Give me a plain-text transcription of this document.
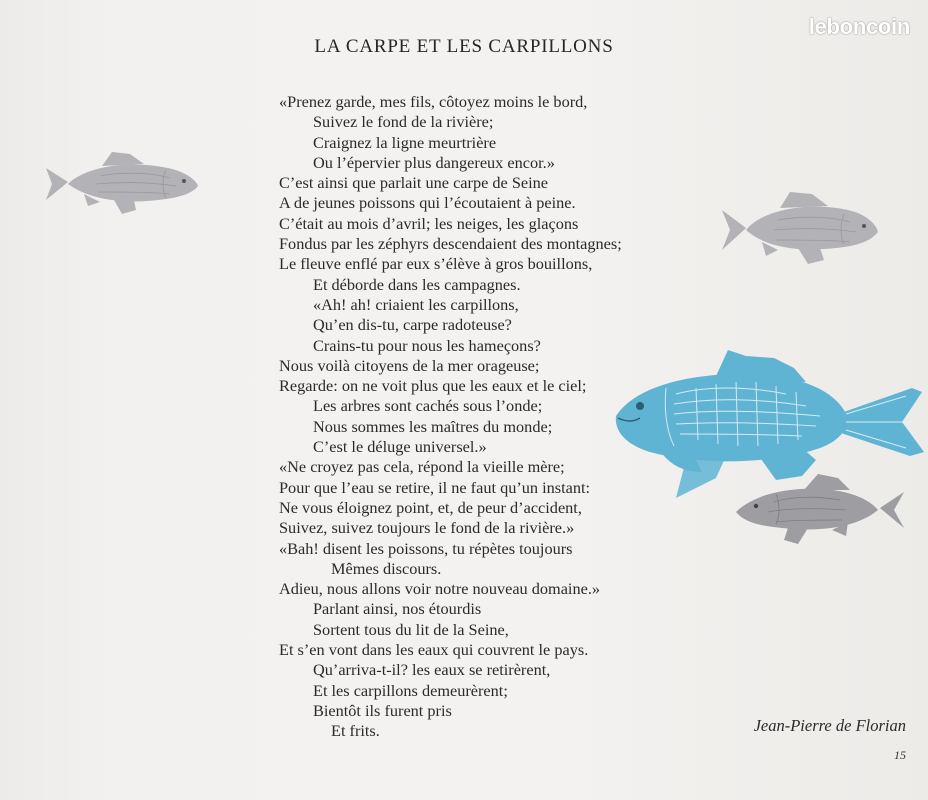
leboncoin
LA CARPE ET LES CARPILLONS
«Prenez garde, mes fils, côtoyez moins le bord,
Suivez le fond de la rivière;
Craignez la ligne meurtrière
Ou l’épervier plus dangereux encor.»
C’est ainsi que parlait une carpe de Seine
A de jeunes poissons qui l’écoutaient à peine.
C’était au mois d’avril; les neiges, les glaçons
Fondus par les zéphyrs descendaient des montagnes;
Le fleuve enflé par eux s’élève à gros bouillons,
Et déborde dans les campagnes.
«Ah! ah! criaient les carpillons,
Qu’en dis-tu, carpe radoteuse?
Crains-tu pour nous les hameçons?
Nous voilà citoyens de la mer orageuse;
Regarde: on ne voit plus que les eaux et le ciel;
Les arbres sont cachés sous l’onde;
Nous sommes les maîtres du monde;
C’est le déluge universel.»
«Ne croyez pas cela, répond la vieille mère;
Pour que l’eau se retire, il ne faut qu’un instant:
Ne vous éloignez point, et, de peur d’accident,
Suivez, suivez toujours le fond de la rivière.»
«Bah! disent les poissons, tu répètes toujours
Mêmes discours.
Adieu, nous allons voir notre nouveau domaine.»
Parlant ainsi, nos étourdis
Sortent tous du lit de la Seine,
Et s’en vont dans les eaux qui couvrent le pays.
Qu’arriva-t-il? les eaux se retirèrent,
Et les carpillons demeurèrent;
Bientôt ils furent pris
Et frits.	Jean-Pierre de Florian
15
